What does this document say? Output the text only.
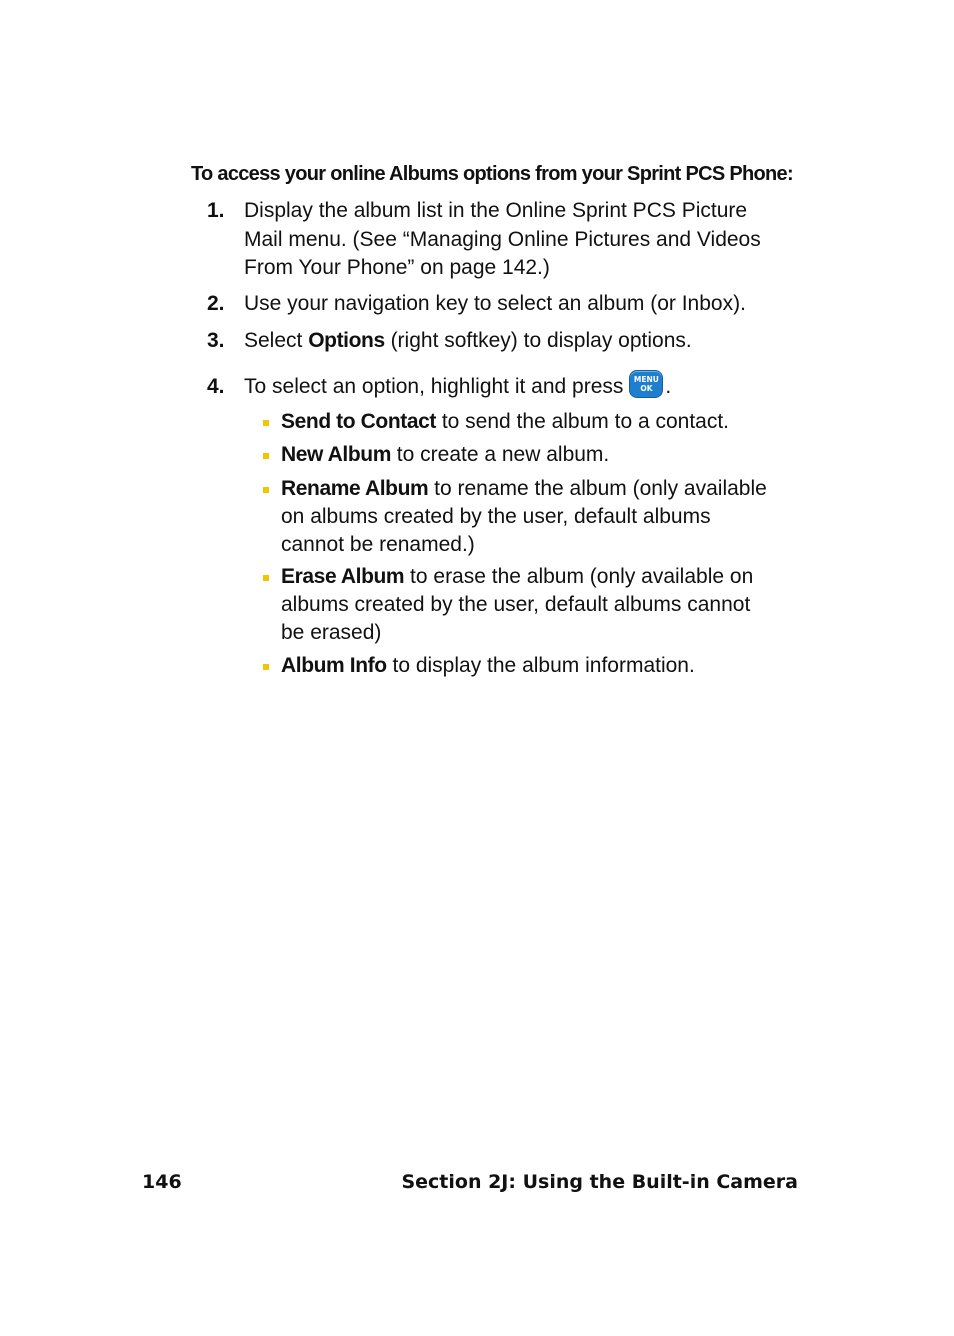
To access your online Albums options from your Sprint PCS Phone:
1. Display the album list in the Online Sprint PCS Picture
Mail menu. (See “Managing Online Pictures and Videos
From Your Phone” on page 142.)
2. Use your navigation key to select an album (or Inbox).
3. Select Options (right softkey) to display options.
4. To select an option, highlight it and press	MENU
OK .
Send to Contact to send the album to a contact.
New Album to create a new album.
Rename Album to rename the album (only available
on albums created by the user, default albums
cannot be renamed.)
Erase Album to erase the album (only available on
albums created by the user, default albums cannot
be erased)
Album Info to display the album information.
146	Section 2J: Using the Built-in Camera
